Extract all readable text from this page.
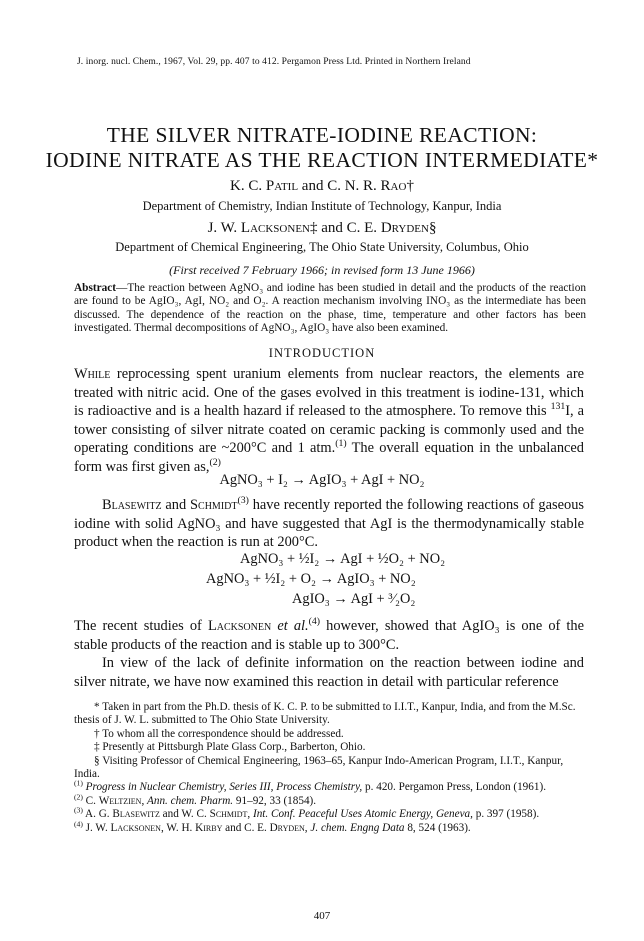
J. inorg. nucl. Chem., 1967, Vol. 29, pp. 407 to 412. Pergamon Press Ltd. Printed in Northern Ireland
THE SILVER NITRATE-IODINE REACTION:
IODINE NITRATE AS THE REACTION INTERMEDIATE*
K. C. Patil and C. N. R. Rao†
Department of Chemistry, Indian Institute of Technology, Kanpur, India
J. W. Lacksonen‡ and C. E. Dryden§
Department of Chemical Engineering, The Ohio State University, Columbus, Ohio
(First received 7 February 1966; in revised form 13 June 1966)
Abstract—The reaction between AgNO₃ and iodine has been studied in detail and the products of the reaction are found to be AgIO₃, AgI, NO₂ and O₂. A reaction mechanism involving INO₃ as the intermediate has been discussed. The dependence of the reaction on the phase, time, temperature and other factors has been investigated. Thermal decompositions of AgNO₃, AgIO₃ have also been examined.
INTRODUCTION

While reprocessing spent uranium elements from nuclear reactors, the elements are treated with nitric acid. One of the gases evolved in this treatment is iodine-131, which is radioactive and is a health hazard if released to the atmosphere. To remove this $^{131}$I, a tower consisting of silver nitrate coated on ceramic packing is commonly used and the operating conditions are ~200°C and 1 atm.$^{(1)}$ The overall equation in the unbalanced form was first given as,$^{(2)}$

AgNO₃ + I₂ → AgIO₃ + AgI + NO₂

Blasewitz and Schmidt$^{(3)}$ have recently reported the following reactions of gaseous iodine with solid AgNO₃ and have suggested that AgI is the thermodynamically stable product when the reaction is run at 200°C.

AgNO₃ + ½I₂ → AgI + ½O₂ + NO₂
AgNO₃ + ½I₂ + O₂ → AgIO₃ + NO₂
AgIO₃ → AgI + ³⁄₂O₂

The recent studies of Lacksonen et al.$^{(4)}$ however, showed that AgIO₃ is one of the stable products of the reaction and is stable up to 300°C.

In view of the lack of definite information on the reaction between iodine and silver nitrate, we have now examined this reaction in detail with particular reference

* Taken in part from the Ph.D. thesis of K. C. P. to be submitted to I.I.T., Kanpur, India, and from the M.Sc. thesis of J. W. L. submitted to The Ohio State University.

† To whom all the correspondence should be addressed.

‡ Presently at Pittsburgh Plate Glass Corp., Barberton, Ohio.

§ Visiting Professor of Chemical Engineering, 1963–65, Kanpur Indo-American Program, I.I.T., Kanpur, India.

$^{(1)}$ Progress in Nuclear Chemistry, Series III, Process Chemistry, p. 420. Pergamon Press, London (1961).

$^{(2)}$ C. Weltzien, Ann. chem. Pharm. 91–92, 33 (1854).

$^{(3)}$ A. G. Blasewitz and W. C. Schmidt, Int. Conf. Peaceful Uses Atomic Energy, Geneva, p. 397 (1958).

$^{(4)}$ J. W. Lacksonen, W. H. Kirby and C. E. Dryden, J. chem. Engng Data 8, 524 (1963).

407
